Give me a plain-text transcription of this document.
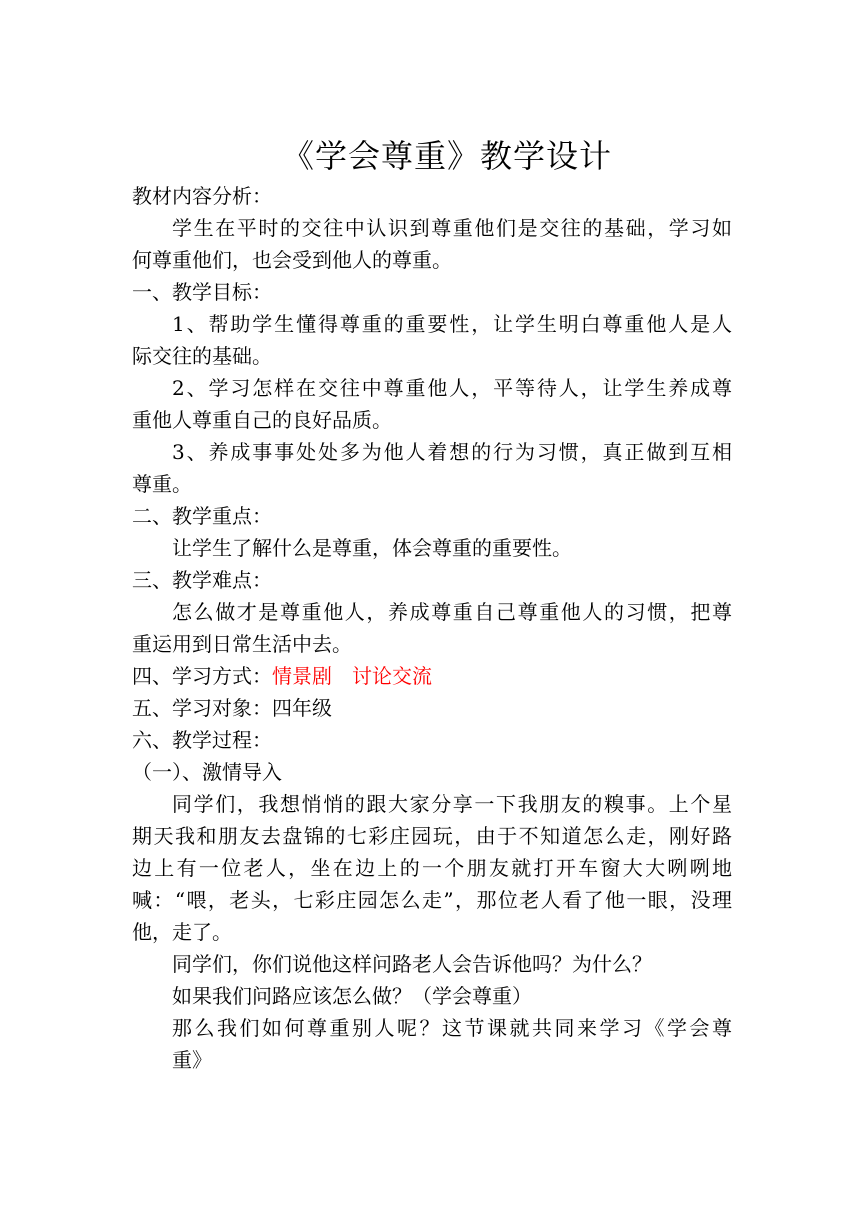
《学会尊重》教学设计
教材内容分析：
学生在平时的交往中认识到尊重他们是交往的基础，学习如
何尊重他们，也会受到他人的尊重。
一、教学目标：
1、帮助学生懂得尊重的重要性，让学生明白尊重他人是人
际交往的基础。
2、学习怎样在交往中尊重他人，平等待人，让学生养成尊
重他人尊重自己的良好品质。
3、养成事事处处多为他人着想的行为习惯，真正做到互相
尊重。
二、教学重点：
让学生了解什么是尊重，体会尊重的重要性。
三、教学难点：
怎么做才是尊重他人，养成尊重自己尊重他人的习惯，把尊
重运用到日常生活中去。
四、学习方式：情景剧 讨论交流
五、学习对象：四年级
六、教学过程：
（一）、激情导入
同学们，我想悄悄的跟大家分享一下我朋友的糗事。上个星
期天我和朋友去盘锦的七彩庄园玩，由于不知道怎么走，刚好路
边上有一位老人，坐在边上的一个朋友就打开车窗大大咧咧地
喊：“喂，老头，七彩庄园怎么走”，那位老人看了他一眼，没理
他，走了。
同学们，你们说他这样问路老人会告诉他吗？为什么？
如果我们问路应该怎么做？（学会尊重）
那么我们如何尊重别人呢？这节课就共同来学习《学会尊
重》
